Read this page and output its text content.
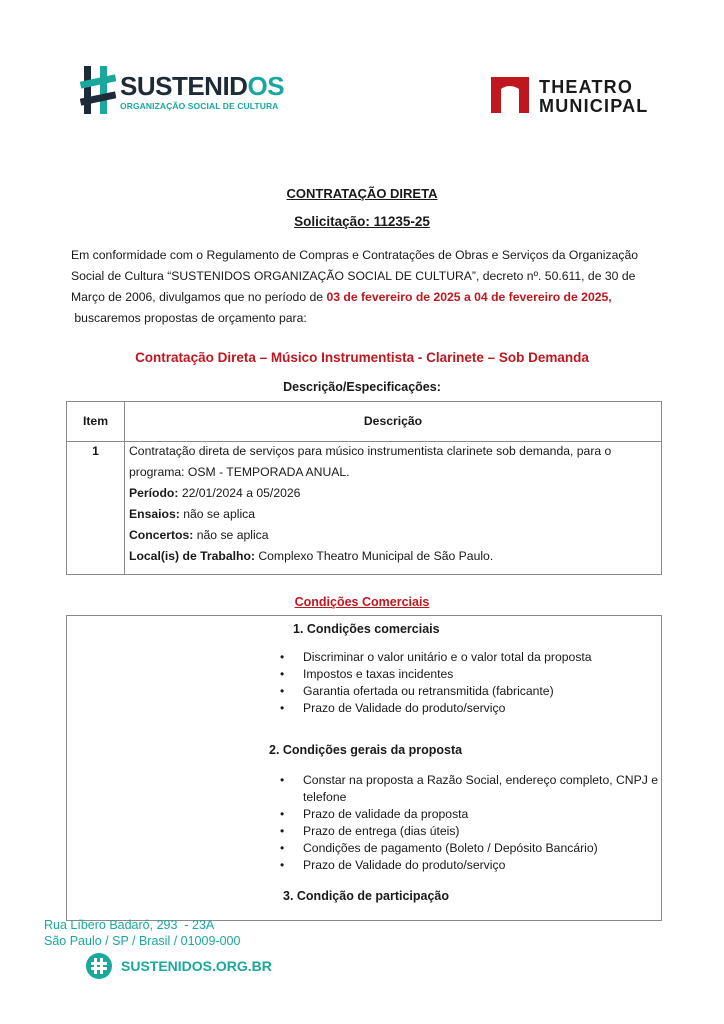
SUSTENIDOS
ORGANIZAÇÃO SOCIAL DE CULTURA
THEATRO
MUNICIPAL
CONTRATAÇÃO DIRETA
Solicitação: 11235-25
Em conformidade com o Regulamento de Compras e Contratações de Obras e Serviços da Organização
Social de Cultura “SUSTENIDOS ORGANIZAÇÃO SOCIAL DE CULTURA”, decreto nº. 50.611, de 30 de
Março de 2006, divulgamos que no período de 03 de fevereiro de 2025 a 04 de fevereiro de 2025,
buscaremos propostas de orçamento para:
Contratação Direta – Músico Instrumentista - Clarinete – Sob Demanda
Descrição/Especificações:
Item	Descrição
1	Contratação direta de serviços para músico instrumentista clarinete sob demanda, para o
programa: OSM - TEMPORADA ANUAL.
Período: 22/01/2024 a 05/2026
Ensaios: não se aplica
Concertos: não se aplica
Local(is) de Trabalho: Complexo Theatro Municipal de São Paulo.
Condições Comerciais
1. Condições comerciais
• Discriminar o valor unitário e o valor total da proposta
• Impostos e taxas incidentes
• Garantia ofertada ou retransmitida (fabricante)
• Prazo de Validade do produto/serviço
2. Condições gerais da proposta
• Constar na proposta a Razão Social, endereço completo, CNPJ e
telefone
• Prazo de validade da proposta
• Prazo de entrega (dias úteis)
• Condições de pagamento (Boleto / Depósito Bancário)
• Prazo de Validade do produto/serviço
3. Condição de participação
Rua Líbero Badaró, 293  - 23A
São Paulo / SP / Brasil / 01009-000
SUSTENIDOS.ORG.BR
